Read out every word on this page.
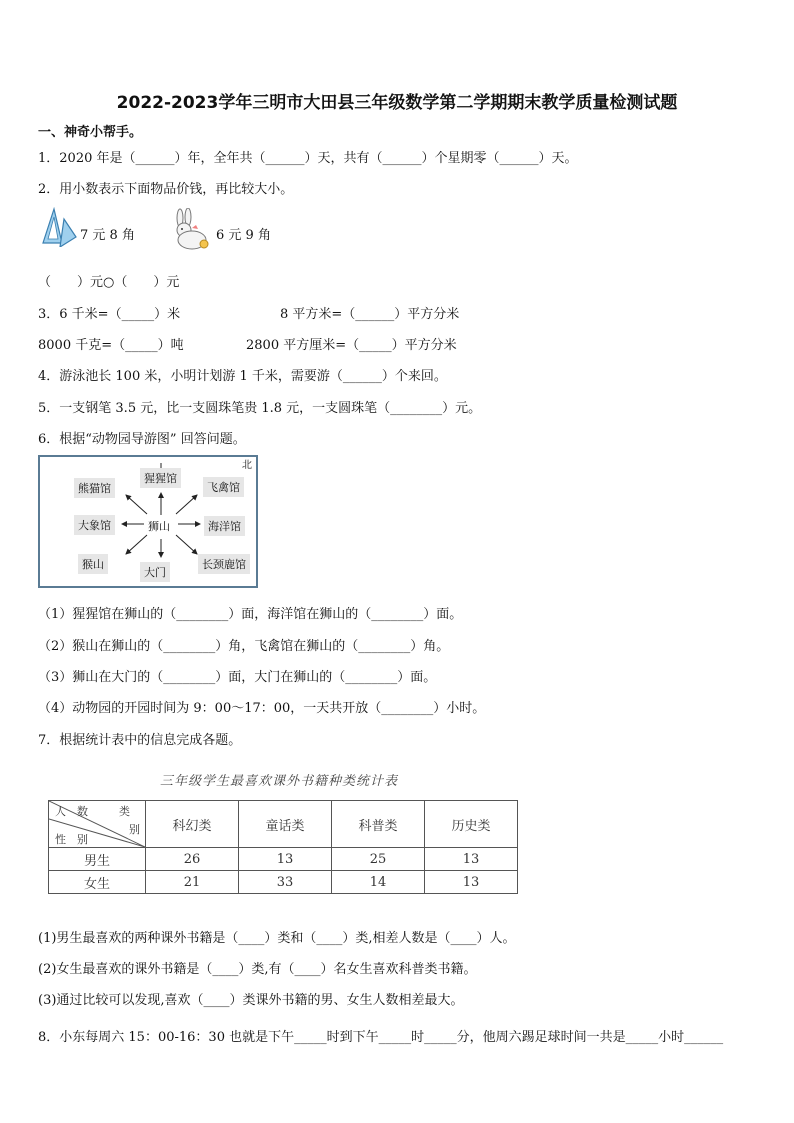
2022-2023学年三明市大田县三年级数学第二学期期末教学质量检测试题
一、神奇小帮手。
1．2020 年是（______）年，全年共（______）天，共有（______）个星期零（______）天。
2．用小数表示下面物品价钱，再比较大小。
7 元 8 角	6 元 9 角
（　　）元○（　　）元
3．6 千米=（_____）米	8 平方米=（______）平方分米
8000 千克=（_____）吨	2800 平方厘米=（_____）平方分米
4．游泳池长 100 米，小明计划游 1 千米，需要游（______）个来回。
5．一支钢笔 3.5 元，比一支圆珠笔贵 1.8 元，一支圆珠笔（________）元。
6．根据“动物园导游图” 回答问题。
北
猩猩馆
熊猫馆	飞禽馆
大象馆	狮山	海洋馆
猴山
大门
长颈鹿馆
（1）猩猩馆在狮山的（________）面，海洋馆在狮山的（________）面。
（2）猴山在狮山的（________）角，飞禽馆在狮山的（________）角。
（3）狮山在大门的（________）面，大门在狮山的（________）面。
（4）动物园的开园时间为 9：00～17：00，一天共开放（________）小时。
7．根据统计表中的信息完成各题。
三年级学生最喜欢课外书籍种类统计表
类
人　数
别
性　别	科幻类	童话类	科普类	历史类
男生	26	13	25	13
女生	21	33	14	13
(1)男生最喜欢的两种课外书籍是（____）类和（____）类,相差人数是（____）人。
(2)女生最喜欢的课外书籍是（____）类,有（____）名女生喜欢科普类书籍。
(3)通过比较可以发现,喜欢（____）类课外书籍的男、女生人数相差最大。
8．小东每周六 15：00-16：30 也就是下午_____时到下午_____时_____分，他周六踢足球时间一共是_____小时______
